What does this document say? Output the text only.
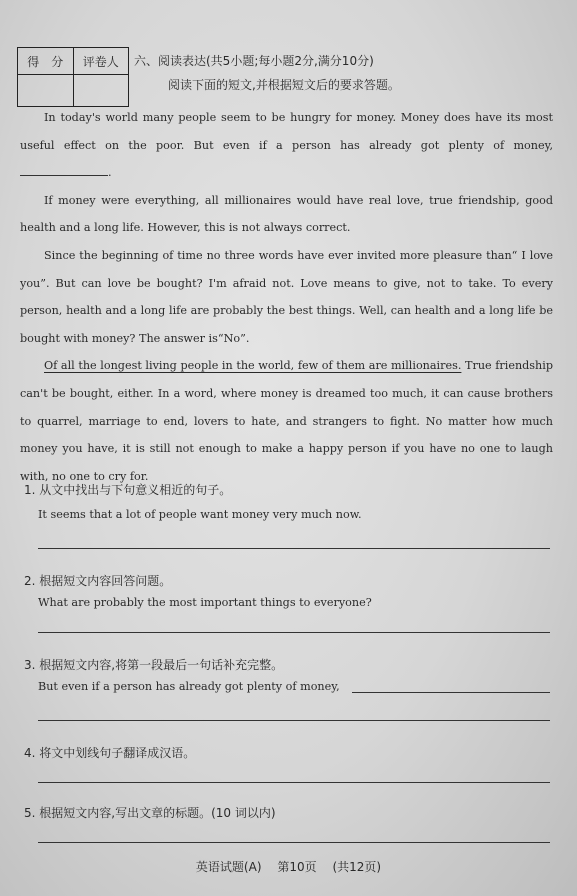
得　分	评卷人
	六、阅读表达(共5小题;每小题2分,满分10分)
阅读下面的短文,并根据短文后的要求答题。

In today's world many people seem to be hungry for money. Money does have its most useful effect on the poor. But even if a person has already got plenty of money, .

If money were everything, all millionaires would have real love, true friendship, good health and a long life. However, this is not always correct.

Since the beginning of time no three words have ever invited more pleasure than“ I love you”. But can love be bought? I'm afraid not. Love means to give, not to take. To every person, health and a long life are probably the best things. Well, can health and a long life be bought with money? The answer is“No”.

Of all the longest living people in the world, few of them are millionaires. True friendship can't be bought, either. In a word, where money is dreamed too much, it can cause brothers to quarrel, marriage to end, lovers to hate, and strangers to fight. No matter how much money you have, it is still not enough to make a happy person if you have no one to laugh with, no one to cry for.

1. 从文中找出与下句意义相近的句子。
It seems that a lot of people want money very much now.
2. 根据短文内容回答问题。
What are probably the most important things to everyone?
3. 根据短文内容,将第一段最后一句话补充完整。
But even if a person has already got plenty of money,
4. 将文中划线句子翻译成汉语。
5. 根据短文内容,写出文章的标题。(10 词以内)
英语试题(A) 第10页 (共12页)
